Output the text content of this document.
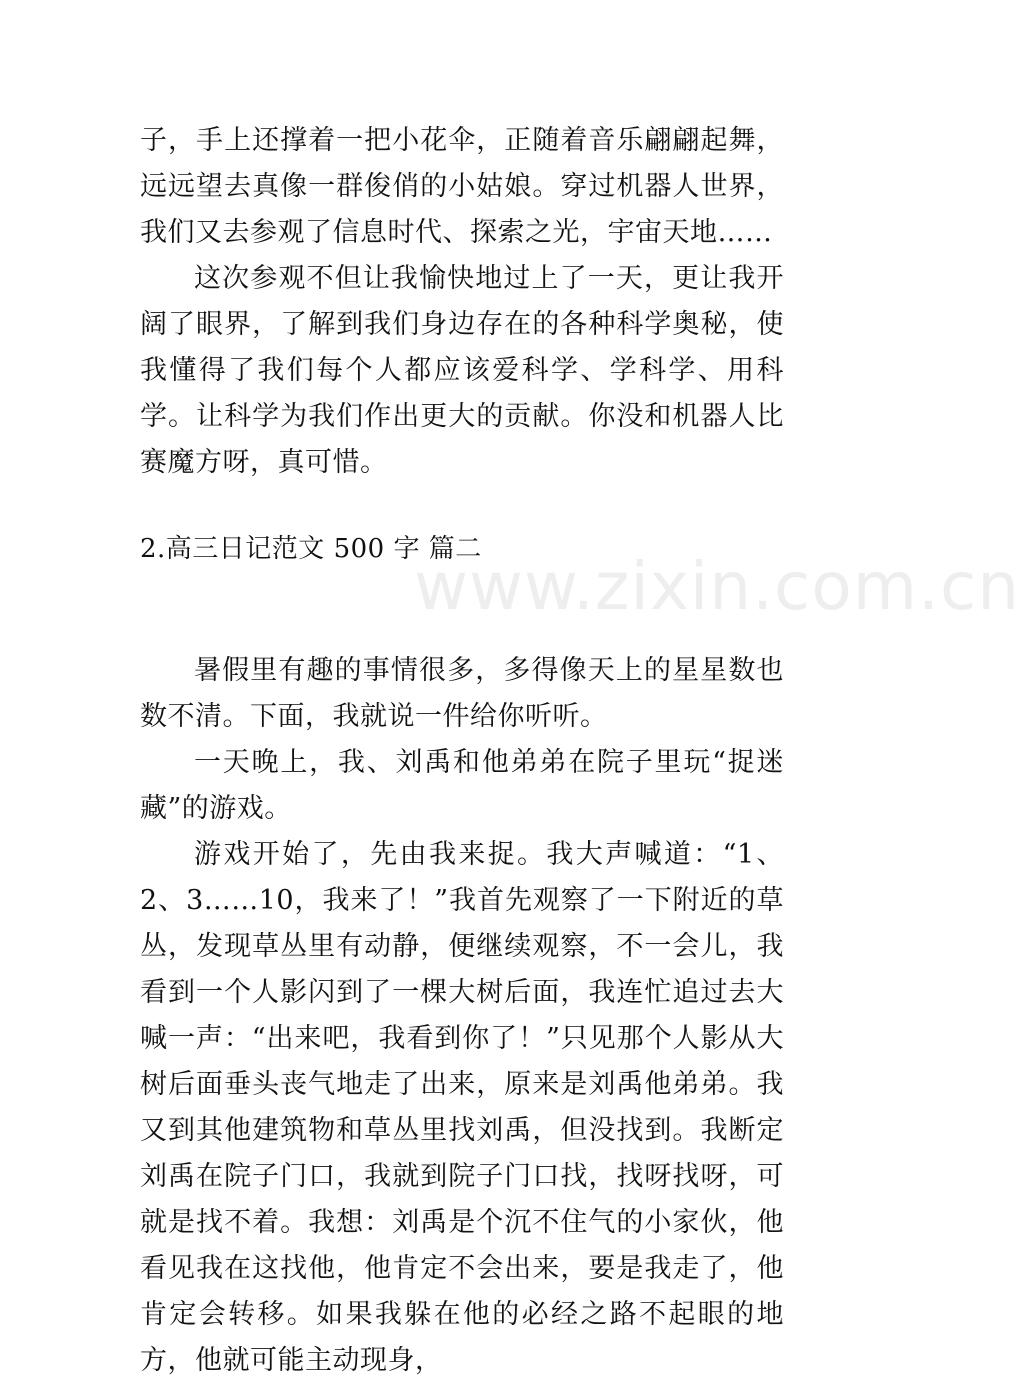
子，手上还撑着一把小花伞，正随着音乐翩翩起舞，远远望去真像一群俊俏的小姑娘。穿过机器人世界，我们又去参观了信息时代、探索之光，宇宙天地……

这次参观不但让我愉快地过上了一天，更让我开阔了眼界，了解到我们身边存在的各种科学奥秘，使我懂得了我们每个人都应该爱科学、学科学、用科学。让科学为我们作出更大的贡献。你没和机器人比赛魔方呀，真可惜。

2.高三日记范文 500 字 篇二

暑假里有趣的事情很多，多得像天上的星星数也数不清。下面，我就说一件给你听听。

一天晚上，我、刘禹和他弟弟在院子里玩“捉迷藏”的游戏。

游戏开始了，先由我来捉。我大声喊道：“1、2、3……10，我来了！”我首先观察了一下附近的草丛，发现草丛里有动静，便继续观察，不一会儿，我看到一个人影闪到了一棵大树后面，我连忙追过去大喊一声：“出来吧，我看到你了！”只见那个人影从大树后面垂头丧气地走了出来，原来是刘禹他弟弟。我又到其他建筑物和草丛里找刘禹，但没找到。我断定刘禹在院子门口，我就到院子门口找，找呀找呀，可就是找不着。我想：刘禹是个沉不住气的小家伙，他看见我在这找他，他肯定不会出来，要是我走了，他肯定会转移。如果我躲在他的必经之路不起眼的地方，他就可能主动现身，

www.zixin.com.cn
